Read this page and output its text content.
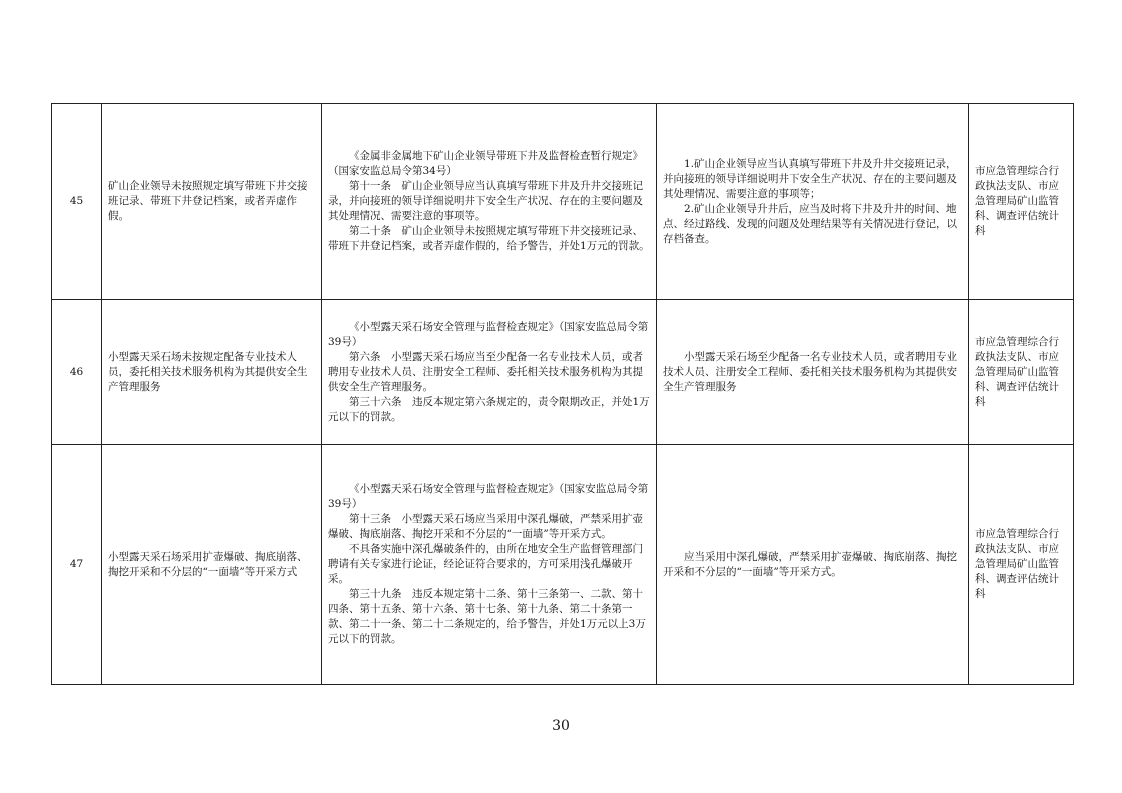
45	矿山企业领导未按照规定填写带班下井交接班记录、带班下井登记档案，或者弄虚作假。	《金属非金属地下矿山企业领导带班下井及监督检查暂行规定》（国家安监总局令第34号）
第十一条　矿山企业领导应当认真填写带班下井及升井交接班记录，并向接班的领导详细说明井下安全生产状况、存在的主要问题及其处理情况、需要注意的事项等。
第二十条　矿山企业领导未按照规定填写带班下井交接班记录、带班下井登记档案，或者弄虚作假的，给予警告，并处1万元的罚款。	1.矿山企业领导应当认真填写带班下井及升井交接班记录，并向接班的领导详细说明井下安全生产状况、存在的主要问题及其处理情况、需要注意的事项等；
2.矿山企业领导升井后，应当及时将下井及升井的时间、地点、经过路线、发现的问题及处理结果等有关情况进行登记，以存档备查。	市应急管理综合行政执法支队、市应急管理局矿山监管科、调查评估统计科
46	小型露天采石场未按规定配备专业技术人员，委托相关技术服务机构为其提供安全生产管理服务	《小型露天采石场安全管理与监督检查规定》（国家安监总局令第39号）
第六条　小型露天采石场应当至少配备一名专业技术人员，或者聘用专业技术人员、注册安全工程师、委托相关技术服务机构为其提供安全生产管理服务。
第三十六条　违反本规定第六条规定的，责令限期改正，并处1万元以下的罚款。	小型露天采石场至少配备一名专业技术人员，或者聘用专业技术人员、注册安全工程师、委托相关技术服务机构为其提供安全生产管理服务	市应急管理综合行政执法支队、市应急管理局矿山监管科、调查评估统计科
47	小型露天采石场采用扩壶爆破、掏底崩落、掏挖开采和不分层的“一面墙”等开采方式	《小型露天采石场安全管理与监督检查规定》（国家安监总局令第39号）
第十三条　小型露天采石场应当采用中深孔爆破，严禁采用扩壶爆破、掏底崩落、掏挖开采和不分层的“一面墙”等开采方式。
不具备实施中深孔爆破条件的，由所在地安全生产监督管理部门聘请有关专家进行论证，经论证符合要求的，方可采用浅孔爆破开采。
第三十九条　违反本规定第十二条、第十三条第一、二款、第十四条、第十五条、第十六条、第十七条、第十九条、第二十条第一款、第二十一条、第二十二条规定的，给予警告，并处1万元以上3万元以下的罚款。	应当采用中深孔爆破，严禁采用扩壶爆破、掏底崩落、掏挖开采和不分层的“一面墙”等开采方式。	市应急管理综合行政执法支队、市应急管理局矿山监管科、调查评估统计科
30
